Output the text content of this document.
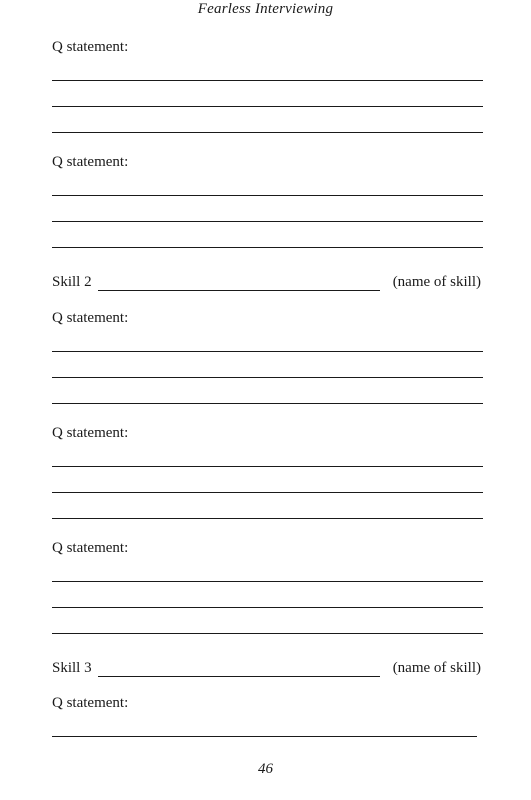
Fearless Interviewing
Q statement:
Q statement:
Skill 2	(name of skill)
Q statement:
Q statement:
Q statement:
Skill 3	(name of skill)
Q statement:
46
